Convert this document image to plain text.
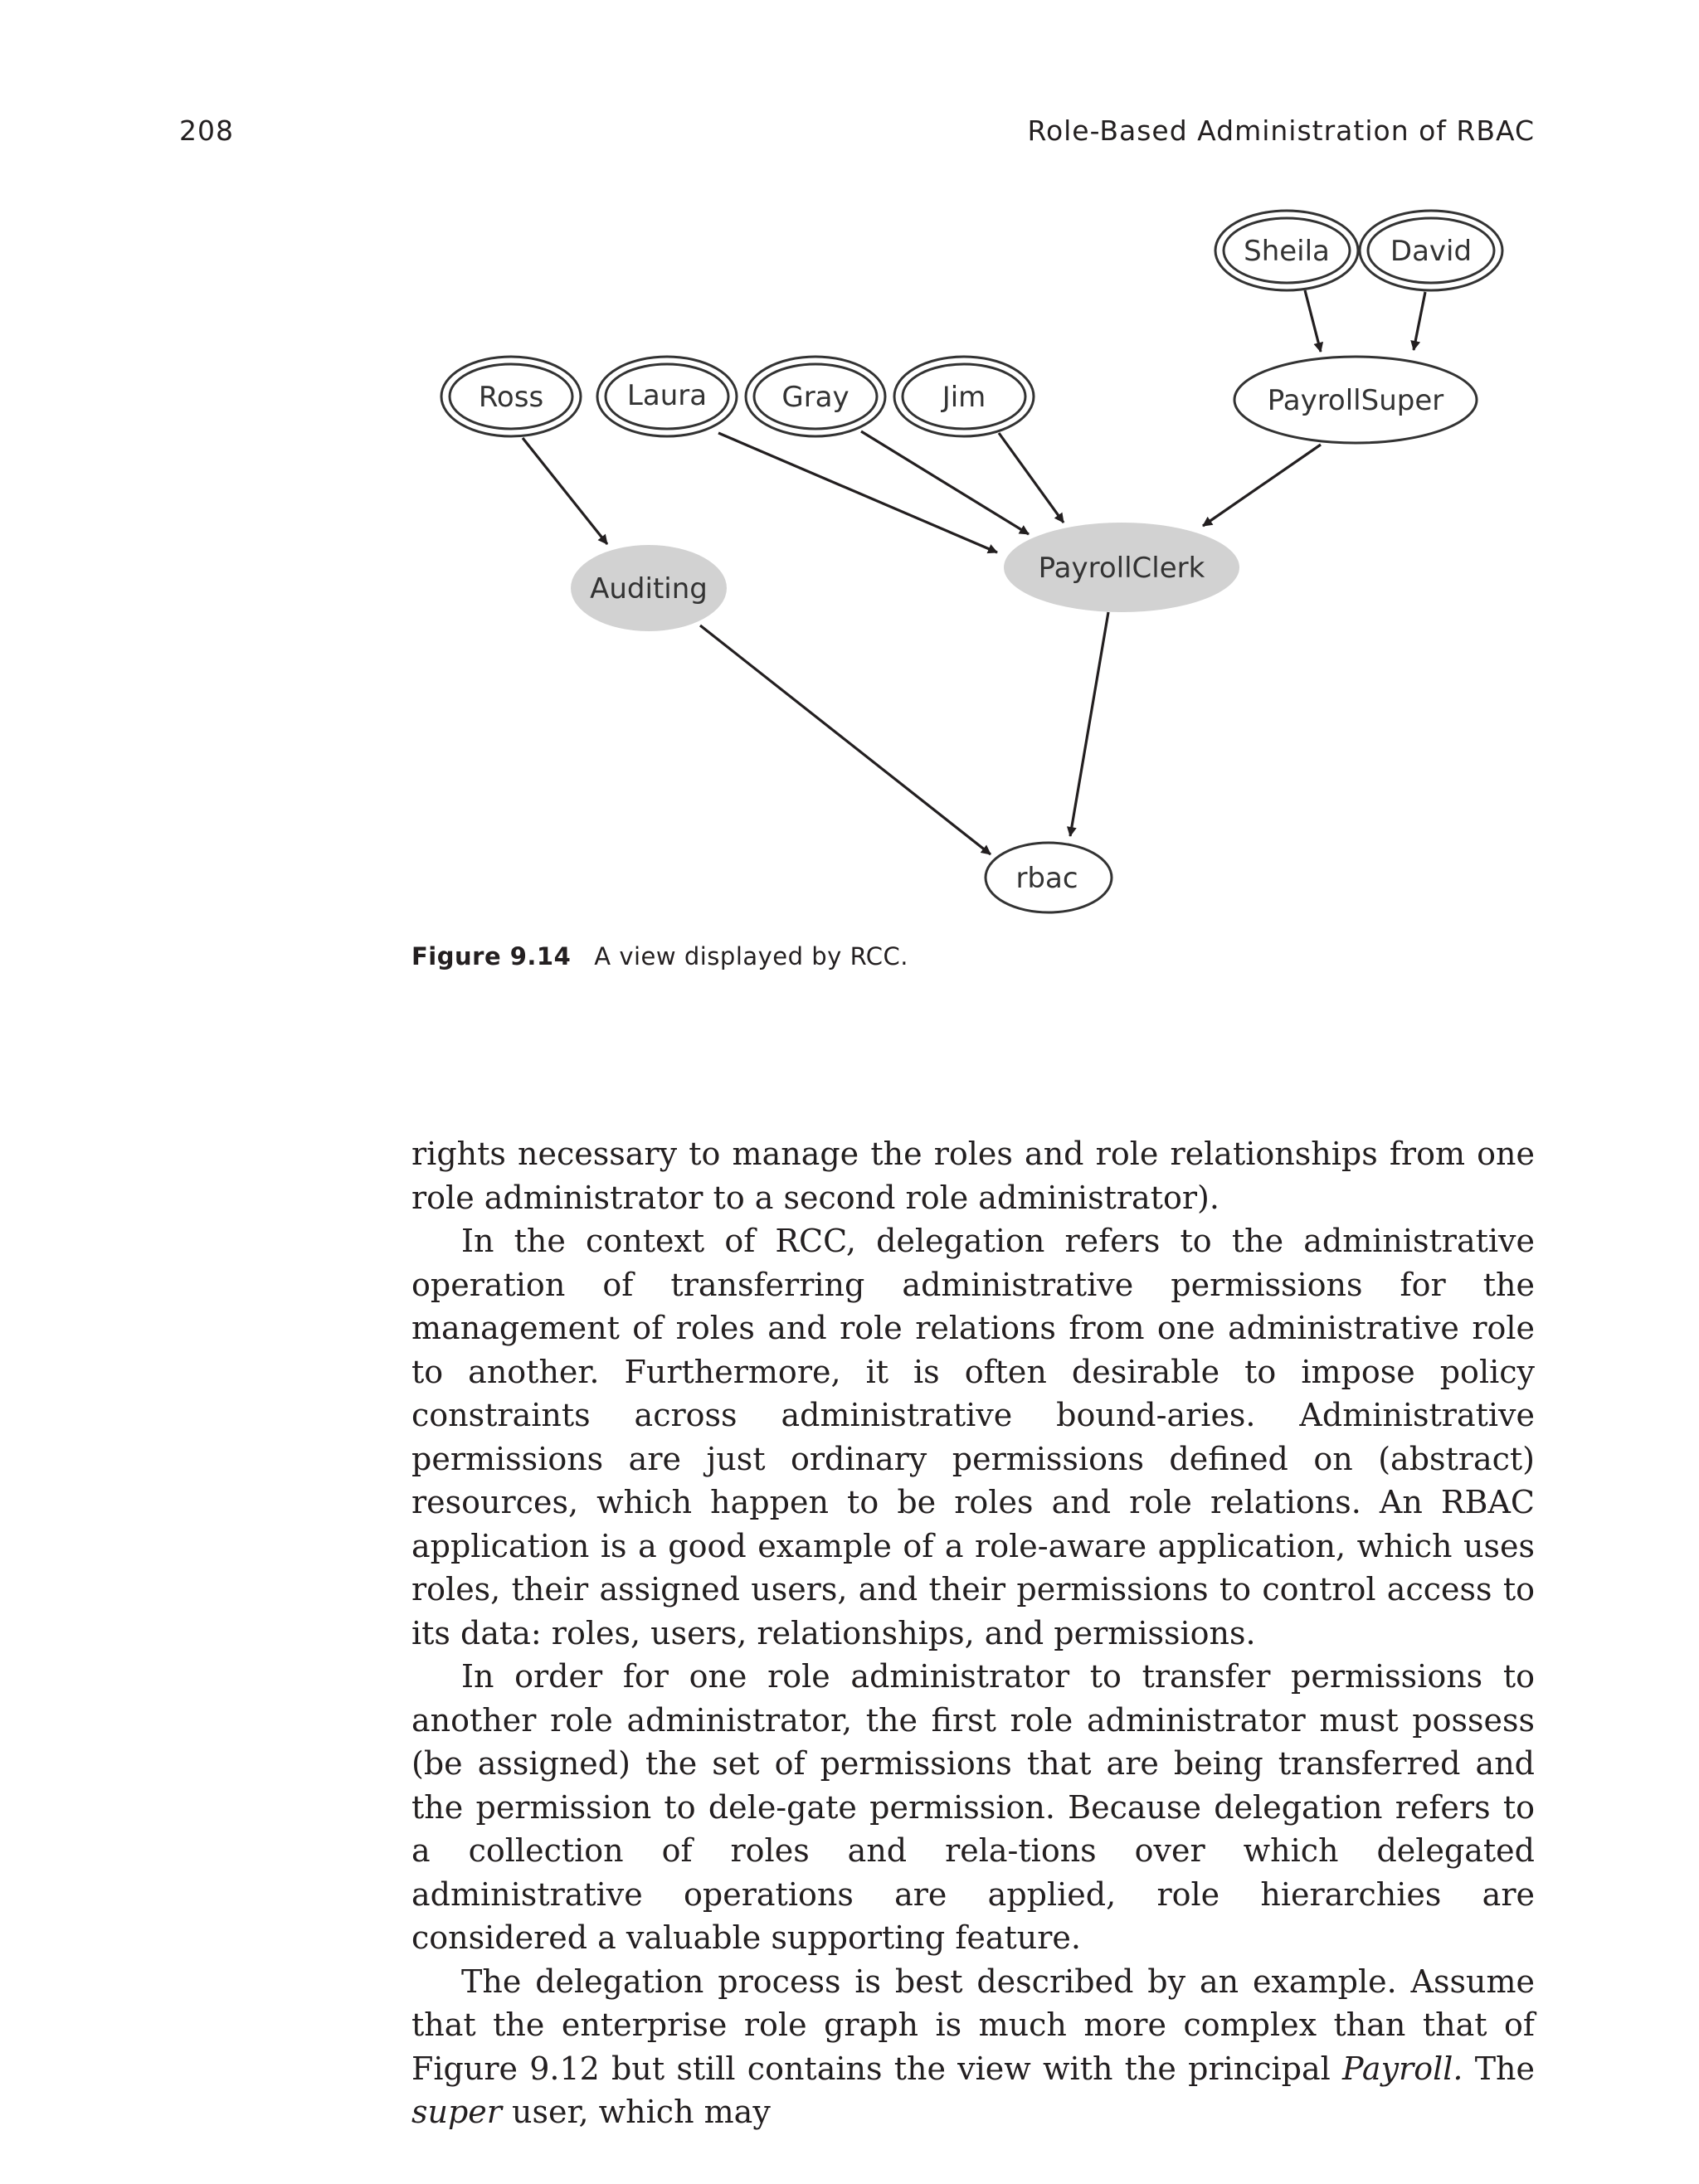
208	Role-Based Administration of RBAC
Sheila David
Ross	Laura	Gray	Jim	PayrollSuper
Auditing
PayrollClerk
rbac
Figure 9.14 A view displayed by RCC.

rights necessary to manage the roles and role relationships from one role administrator to a second role administrator).

In the context of RCC, delegation refers to the administrative operation of transferring administrative permissions for the management of roles and role relations from one administrative role to another. Furthermore, it is often desirable to impose policy constraints across administrative bound-aries. Administrative permissions are just ordinary permissions defined on (abstract) resources, which happen to be roles and role relations. An RBAC application is a good example of a role-aware application, which uses roles, their assigned users, and their permissions to control access to its data: roles, users, relationships, and permissions.

In order for one role administrator to transfer permissions to another role administrator, the first role administrator must possess (be assigned) the set of permissions that are being transferred and the permission to dele-gate permission. Because delegation refers to a collection of roles and rela-tions over which delegated administrative operations are applied, role hierarchies are considered a valuable supporting feature.

The delegation process is best described by an example. Assume that the enterprise role graph is much more complex than that of Figure 9.12 but still contains the view with the principal Payroll. The super user, which may
